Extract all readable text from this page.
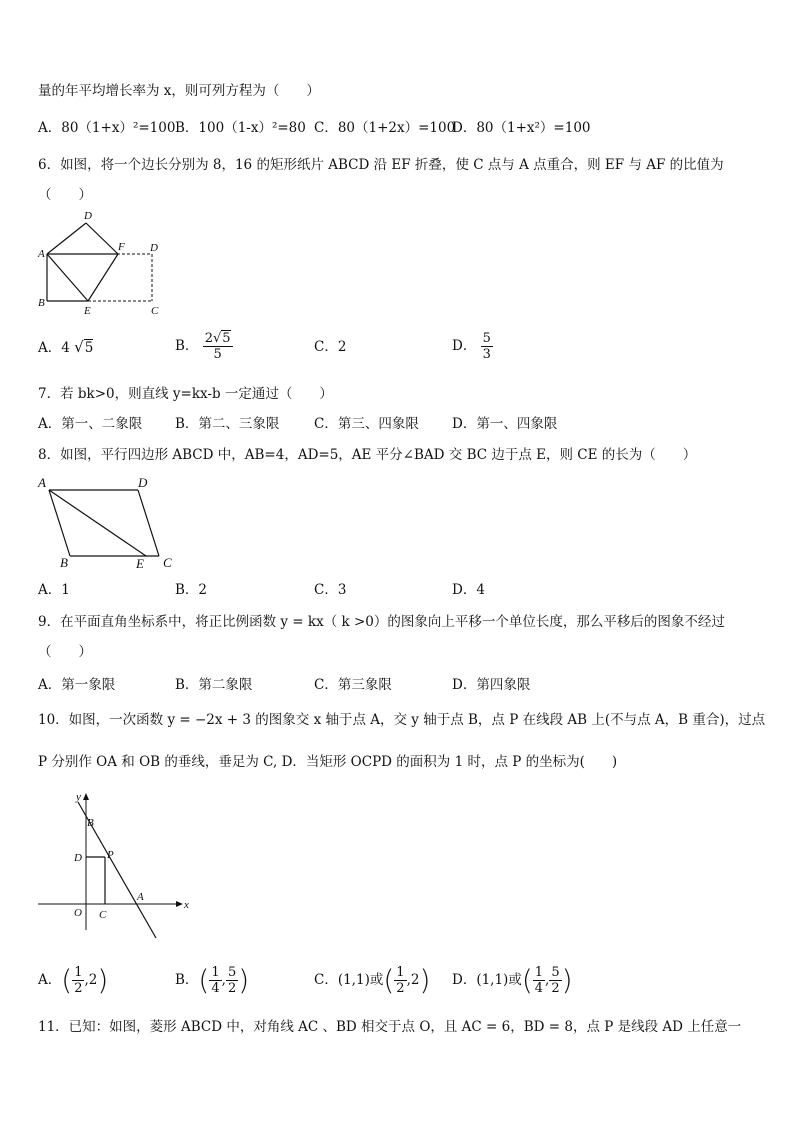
量的年平均增长率为 x，则可列方程为（　　）
A．80（1+x）²=100 B．100（1-x）²=80 C．80（1+2x）=100
D．80（1+x²）=100
6．如图，将一个边长分别为 8，16 的矩形纸片 ABCD 沿 EF 折叠，使 C 点与 A 点重合，则 EF 与 AF 的比值为
（　　）
A
B
C
D
D
E
F
A．4 √5	B． $\frac{2√5}{5}$	C．2	D． $\frac{5}{3}$
7．若 bk>0，则直线 y=kx-b 一定通过（　　）
A．第一、二象限 B．第二、三象限	C．第三、四象限 D．第一、四象限
8．如图，平行四边形 ABCD 中，AB=4，AD=5，AE 平分∠BAD 交 BC 边于点 E，则 CE 的长为（　　）
A	D
B	E C
A．1	B．2	C．3	D．4
9．在平面直角坐标系中，将正比例函数 y = kx（ k >0）的图象向上平移一个单位长度，那么平移后的图象不经过
（　　）
A．第一象限	B．第二象限	C．第三象限	D．第四象限
10．如图，一次函数 y = −2x + 3 的图象交 x 轴于点 A，交 y 轴于点 B，点 P 在线段 AB 上(不与点 A，B 重合)，过点
P 分别作 OA 和 OB 的垂线，垂足为 C, D．当矩形 OCPD 的面积为 1 时，点 P 的坐标为(　　)
y
x
B
D P
O C
A
A．( $\frac{1}{2} ,2$)	B．( $\frac{1}{4}$ , $\frac{5}{2}$ )	C．(1,1)或( $\frac{1}{2} ,2$) D．(1,1)或( $\frac{1}{4}$ , $\frac{5}{2}$ )
11．已知：如图，菱形 ABCD 中，对角线 AC 、BD 相交于点 O，且 AC = 6，BD = 8，点 P 是线段 AD 上任意一
